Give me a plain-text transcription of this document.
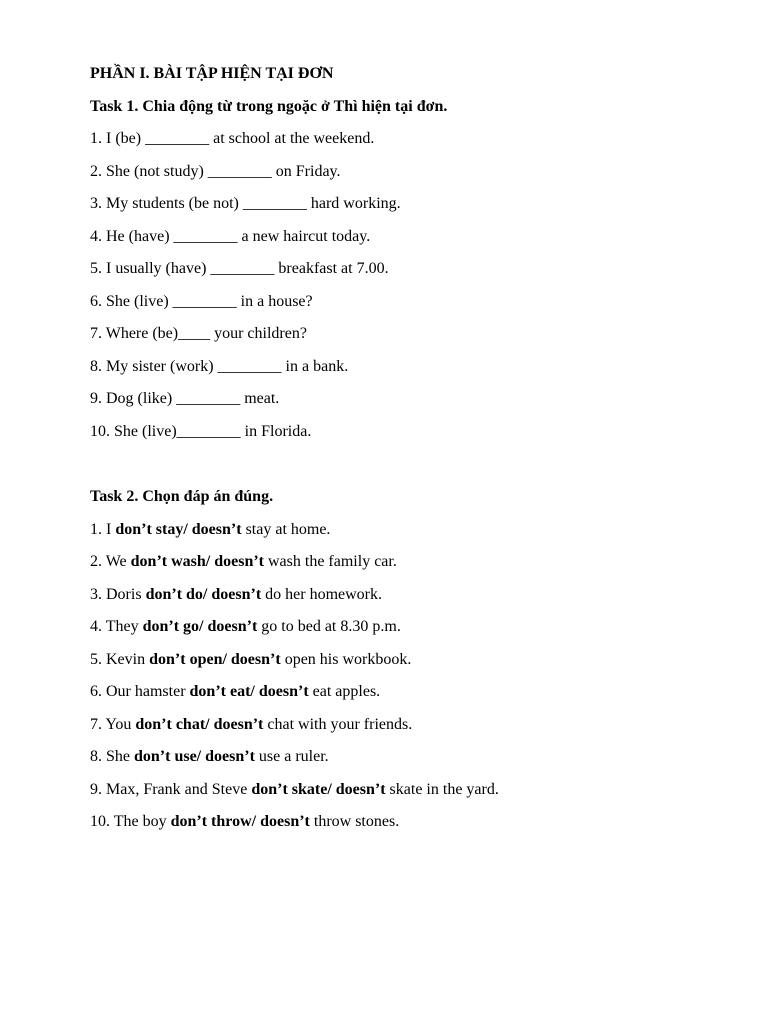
PHẦN I. BÀI TẬP HIỆN TẠI ĐƠN
Task 1. Chia động từ trong ngoặc ở Thì hiện tại đơn.
1. I (be) ________ at school at the weekend.
2. She (not study) ________ on Friday.
3. My students (be not) ________ hard working.
4. He (have) ________ a new haircut today.
5. I usually (have) ________ breakfast at 7.00.
6. She (live) ________ in a house?
7. Where (be)____ your children?
8. My sister (work) ________ in a bank.
9. Dog (like) ________ meat.
10. She (live)________ in Florida.
Task 2. Chọn đáp án đúng.
1. I don’t stay/ doesn’t stay at home.
2. We don’t wash/ doesn’t wash the family car.
3. Doris don’t do/ doesn’t do her homework.
4. They don’t go/ doesn’t go to bed at 8.30 p.m.
5. Kevin don’t open/ doesn’t open his workbook.
6. Our hamster don’t eat/ doesn’t eat apples.
7. You don’t chat/ doesn’t chat with your friends.
8. She don’t use/ doesn’t use a ruler.
9. Max, Frank and Steve don’t skate/ doesn’t skate in the yard.
10. The boy don’t throw/ doesn’t throw stones.
